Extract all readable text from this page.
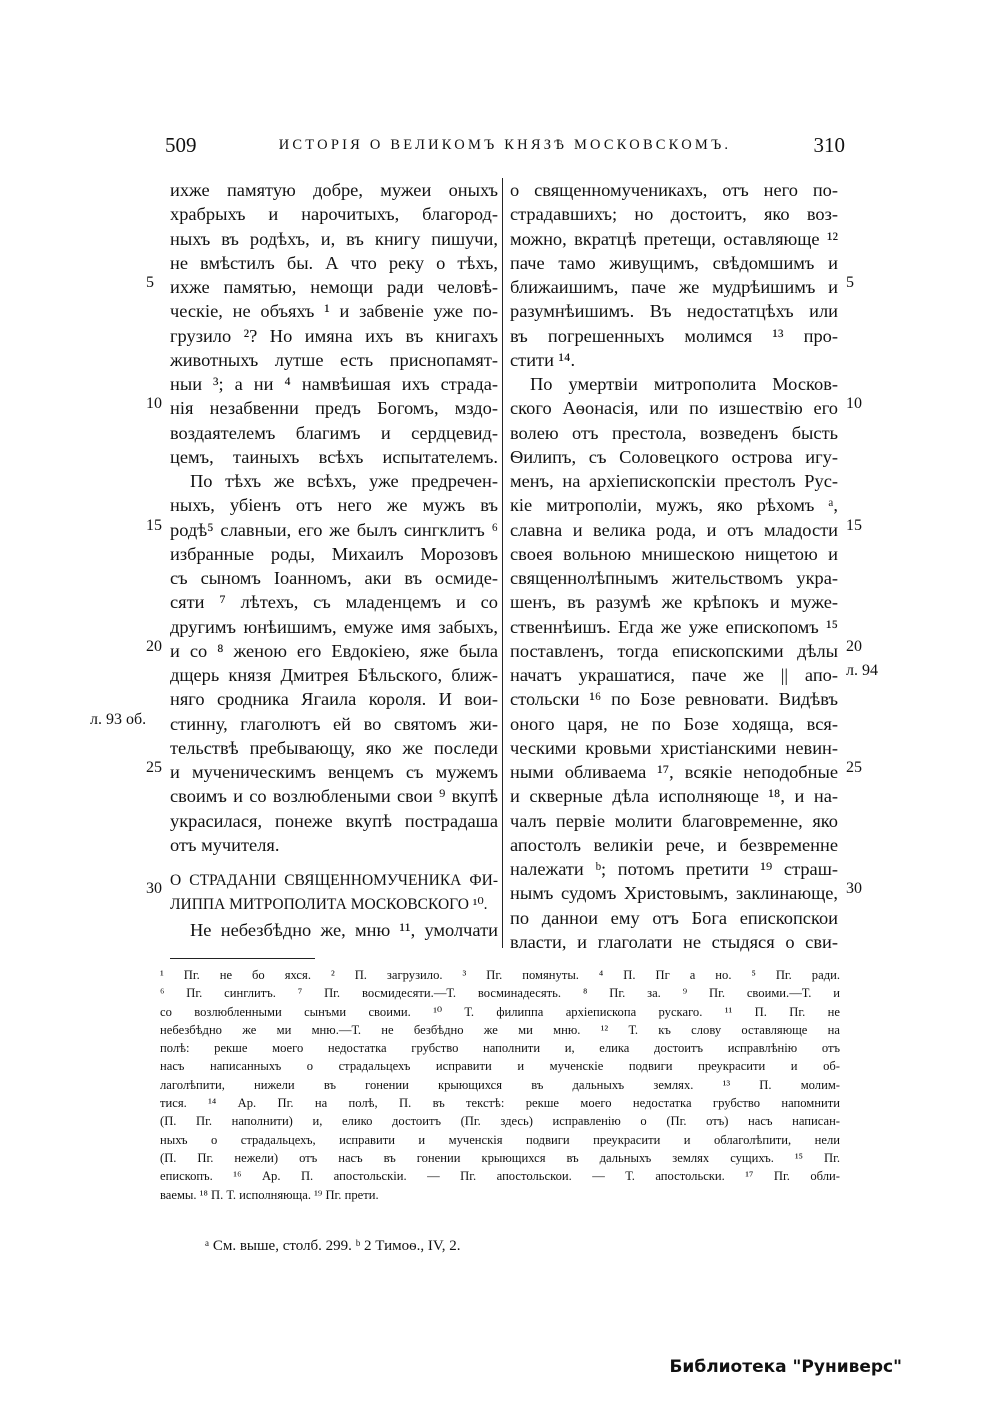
509	ИСТОРІЯ О ВЕЛИКОМЪ КНЯЗѢ МОСКОВСКОМЪ.	310
ихже памятую добре, мужеи оныхъ
храбрыхъ и нарочитыхъ, благород-
ныхъ въ родѣхъ, и, въ книгу пишучи,
не вмѣстилъ бы. А что реку о тѣхъ,
ихже памятью, немощи ради человѣ-
ческіе, не объяхъ ¹ и забвеніе уже по-
грузило ²? Но имяна ихъ въ книгахъ
животныхъ лутше есть приснопамят-
ныи ³; а ни ⁴ намвѣишая ихъ страда-
нія незабвенни предъ Богомъ, мздо-
воздаятелемъ благимъ и сердцевид-
цемъ, таиныхъ всѣхъ испытателемъ.
По тѣхъ же всѣхъ, уже предречен-
ныхъ, убіенъ отъ него же мужъ въ
родѣ⁵ славныи, его же былъ сингклитъ ⁶
избранные роды, Михаилъ Морозовъ
съ сыномъ Іоанномъ, аки въ осмиде-
сяти ⁷ лѣтехъ, съ младенцемъ и со
другимъ юнѣишимъ, емуже имя забыхъ,
и со ⁸ женою его Евдокіею, яже была
дщерь князя Дмитрея Бѣльского, ближ-
няго сродника Ягаила короля. И вои-
стинну, глаголютъ ей во святомъ жи-
тельствѣ пребывающу, яко же последи
и мученическимъ венцемъ съ мужемъ
своимъ и со возлюблеными свои ⁹ вкупѣ
украсилася, понеже вкупѣ пострадаша
отъ мучителя.
О СТРАДАНІИ СВЯЩЕННОМУЧЕНИКА ФИ-
ЛИППА МИТРОПОЛИТА МОСКОВСКОГО ¹⁰.
Не небезбѣдно же, мню ¹¹, умолчати
о священномученикахъ, отъ него по-
страдавшихъ; но достоитъ, яко воз-
можно, вкратцѣ претещи, оставляюще ¹²
паче тамо живущимъ, свѣдомшимъ и
ближаишимъ, паче же мудрѣишимъ и
разумнѣишимъ. Въ недостатцѣхъ или
въ погрешенныхъ молимся ¹³ про-
стити ¹⁴.
По умертвіи митрополита Москов-
ского Аѳонасія, или по изшествію его
волею отъ престола, возведенъ бысть
Ѳилипъ, съ Соловецкого острова игу-
менъ, на архіепископскіи престолъ Рус-
кіе митрополіи, мужъ, яко рѣхомъ ᵃ,
славна и велика рода, и отъ младости
своея вольною мнишескою нищетою и
священнолѣпнымъ жительствомъ укра-
шенъ, въ разумѣ же крѣпокъ и муже-
ственнѣишъ. Егда же уже епископомъ ¹⁵
поставленъ, тогда епископскими дѣлы
начатъ украшатися, паче же || апо-
стольски ¹⁶ по Бозе ревновати. Видѣвъ
оного царя, не по Бозе ходяща, вся-
ческими кровьми христіанскими невин-
ными обливаема ¹⁷, всякіе неподобные
и скверные дѣла исполняюще ¹⁸, и на-
чалъ первіе молити благовременне, яко
апостолъ великіи рече, и безвременне
належати ᵇ; потомъ претити ¹⁹ страш-
нымъ судомъ Христовымъ, заклинающе,
по даннои ему отъ Бога епископскои
власти, и глаголати не стыдяся о сви-
5
10
15
20
л. 93 об.
25
30
5
10
15
20
л. 94
25
30
¹ Пг. не бо яхся. ² П. загрузило. ³ Пг. помянуты. ⁴ П. Пг а но. ⁵ Пг. ради.
⁶ Пг. синглитъ. ⁷ Пг. восмидесяти.—Т. восминадесять. ⁸ Пг. за. ⁹ Пг. своими.—Т. и
со возлюбленными сынъми своими. ¹⁰ Т. филиппа архіепископа рускаго. ¹¹ П. Пг. не
небезбѣдно же ми мню.—Т. не безбѣдно же ми мню. ¹² Т. къ слову оставляюще на
полѣ: рекше моего недостатка грубство наполнити и, елика достоитъ исправлѣнію отъ
насъ написанныхъ о страдальцехъ исправити и мученскіе подвиги преукрасити и об-
лаголѣпити, нижели въ гонении крыющихся въ дальныхъ землях. ¹³ П. молим-
тися. ¹⁴ Ар. Пг. на полѣ, П. въ текстѣ: рекше моего недостатка грубство напомнити
(П. Пг. наполнити) и, елико достоитъ (Пг. здесь) исправленію о (Пг. отъ) насъ написан-
ныхъ о страдальцехъ, исправити и мученскія подвиги преукрасити и облаголѣпити, нели
(П. Пг. нежели) отъ насъ въ гонении крыющихся въ дальныхъ землях сущихъ. ¹⁵ Пг.
епископъ. ¹⁶ Ар. П. апостольскіи. — Пг. апостольскои. — Т. апостольски. ¹⁷ Пг. обли-
ваемы. ¹⁸ П. Т. исполняюща. ¹⁹ Пг. прети.
ᵃ См. выше, столб. 299. ᵇ 2 Тимоѳ., IV, 2.
Библиотека "Руниверс"
